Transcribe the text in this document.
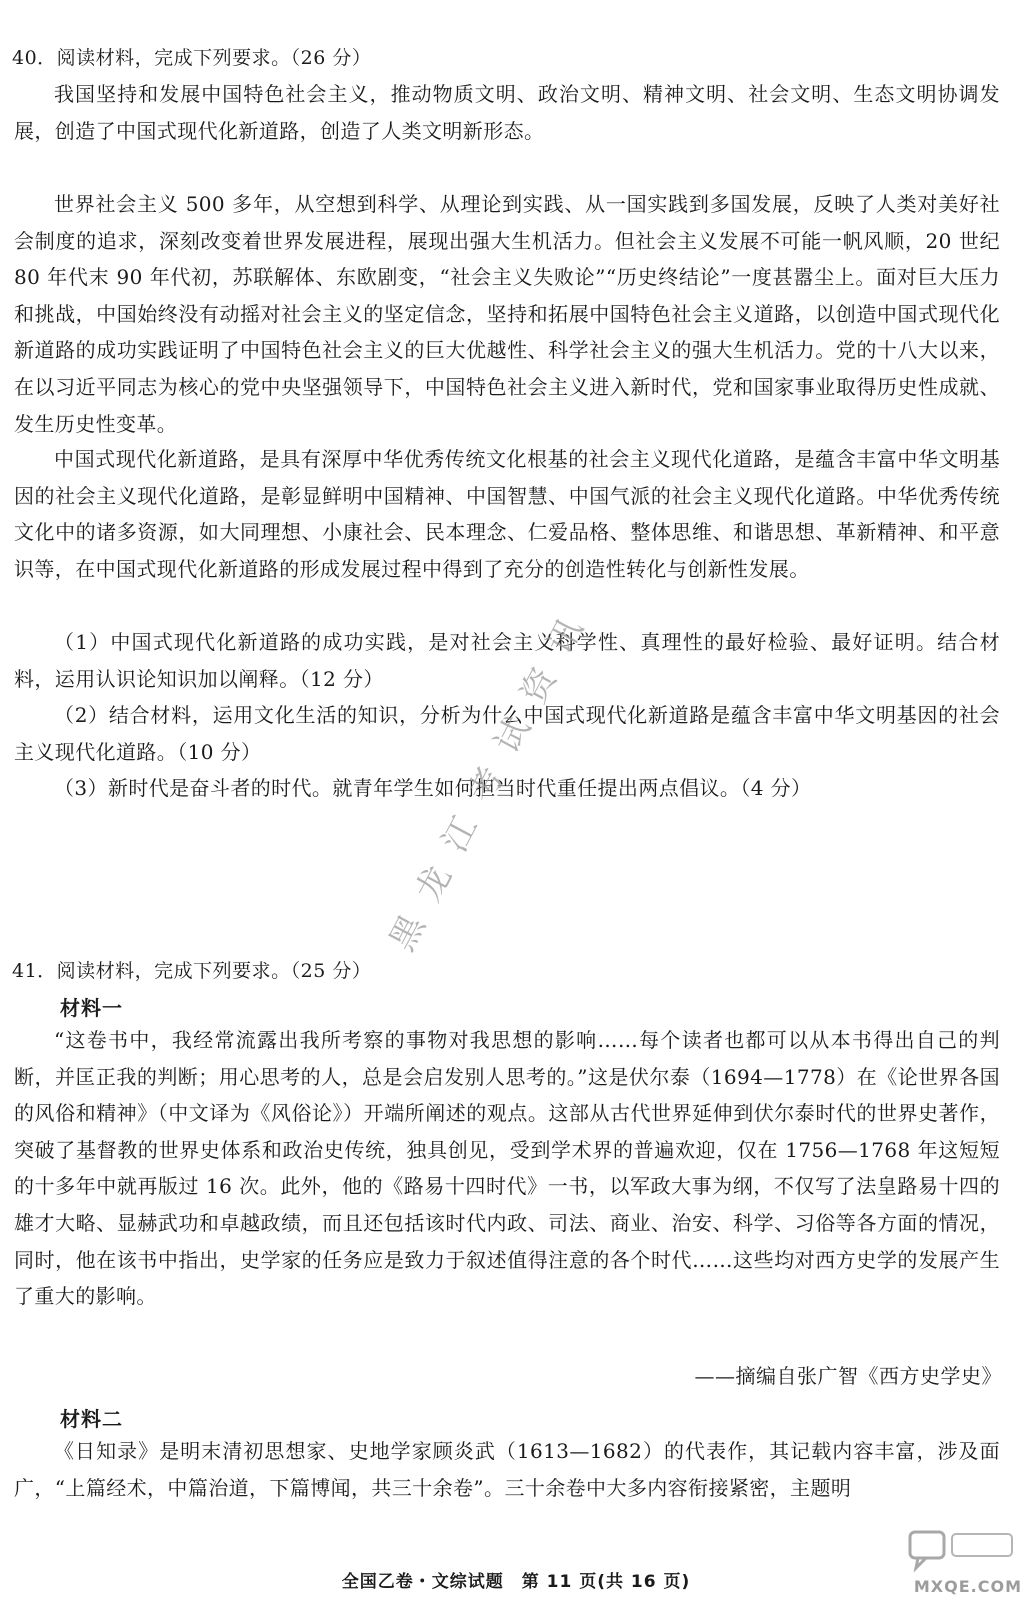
40．阅读材料，完成下列要求。（26 分）

我国坚持和发展中国特色社会主义，推动物质文明、政治文明、精神文明、社会文明、生态文明协调发展，创造了中国式现代化新道路，创造了人类文明新形态。

世界社会主义 500 多年，从空想到科学、从理论到实践、从一国实践到多国发展，反映了人类对美好社会制度的追求，深刻改变着世界发展进程，展现出强大生机活力。但社会主义发展不可能一帆风顺，20 世纪 80 年代末 90 年代初，苏联解体、东欧剧变，“社会主义失败论”“历史终结论”一度甚嚣尘上。面对巨大压力和挑战，中国始终没有动摇对社会主义的坚定信念，坚持和拓展中国特色社会主义道路，以创造中国式现代化新道路的成功实践证明了中国特色社会主义的巨大优越性、科学社会主义的强大生机活力。党的十八大以来，在以习近平同志为核心的党中央坚强领导下，中国特色社会主义进入新时代，党和国家事业取得历史性成就、发生历史性变革。

中国式现代化新道路，是具有深厚中华优秀传统文化根基的社会主义现代化道路，是蕴含丰富中华文明基因的社会主义现代化道路，是彰显鲜明中国精神、中国智慧、中国气派的社会主义现代化道路。中华优秀传统文化中的诸多资源，如大同理想、小康社会、民本理念、仁爱品格、整体思维、和谐思想、革新精神、和平意识等，在中国式现代化新道路的形成发展过程中得到了充分的创造性转化与创新性发展。

（1）中国式现代化新道路的成功实践，是对社会主义科学性、真理性的最好检验、最好证明。结合材料，运用认识论知识加以阐释。（12 分）

（2）结合材料，运用文化生活的知识，分析为什么中国式现代化新道路是蕴含丰富中华文明基因的社会主义现代化道路。（10 分）

（3）新时代是奋斗者的时代。就青年学生如何担当时代重任提出两点倡议。（4 分）

黑龙江考试资讯
41．阅读材料，完成下列要求。（25 分）
材料一

“这卷书中，我经常流露出我所考察的事物对我思想的影响……每个读者也都可以从本书得出自己的判断，并匡正我的判断；用心思考的人，总是会启发别人思考的。”这是伏尔泰（1694—1778）在《论世界各国的风俗和精神》（中文译为《风俗论》）开端所阐述的观点。这部从古代世界延伸到伏尔泰时代的世界史著作，突破了基督教的世界史体系和政治史传统，独具创见，受到学术界的普遍欢迎，仅在 1756—1768 年这短短的十多年中就再版过 16 次。此外，他的《路易十四时代》一书，以军政大事为纲，不仅写了法皇路易十四的雄才大略、显赫武功和卓越政绩，而且还包括该时代内政、司法、商业、治安、科学、习俗等各方面的情况，同时，他在该书中指出，史学家的任务应是致力于叙述值得注意的各个时代……这些均对西方史学的发展产生了重大的影响。

——摘编自张广智《西方史学史》
材料二

《日知录》是明末清初思想家、史地学家顾炎武（1613—1682）的代表作，其记载内容丰富，涉及面广，“上篇经术，中篇治道，下篇博闻，共三十余卷”。三十余卷中大多内容衔接紧密，主题明

全国乙卷・文综试题　第 11 页(共 16 页)	MXQE.COM
